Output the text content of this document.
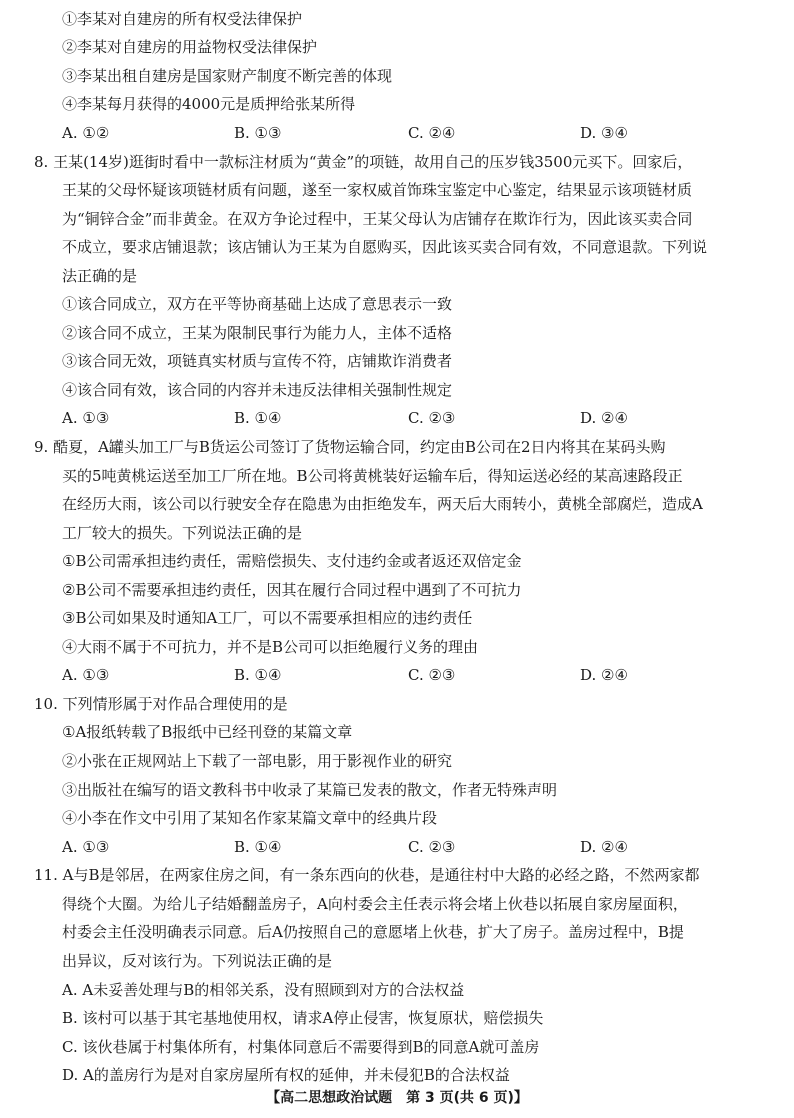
①李某对自建房的所有权受法律保护
②李某对自建房的用益物权受法律保护
③李某出租自建房是国家财产制度不断完善的体现
④李某每月获得的4000元是质押给张某所得
A. ①②	B. ①③	C. ②④	D. ③④
8. 王某(14岁)逛街时看中一款标注材质为“黄金”的项链，故用自己的压岁钱3500元买下。回家后，
王某的父母怀疑该项链材质有问题，遂至一家权威首饰珠宝鉴定中心鉴定，结果显示该项链材质
为“铜锌合金”而非黄金。在双方争论过程中，王某父母认为店铺存在欺诈行为，因此该买卖合同
不成立，要求店铺退款；该店铺认为王某为自愿购买，因此该买卖合同有效，不同意退款。下列说
法正确的是
①该合同成立，双方在平等协商基础上达成了意思表示一致
②该合同不成立，王某为限制民事行为能力人，主体不适格
③该合同无效，项链真实材质与宣传不符，店铺欺诈消费者
④该合同有效，该合同的内容并未违反法律相关强制性规定
A. ①③	B. ①④	C. ②③	D. ②④
9. 酷夏，A罐头加工厂与B货运公司签订了货物运输合同，约定由B公司在2日内将其在某码头购
买的5吨黄桃运送至加工厂所在地。B公司将黄桃装好运输车后，得知运送必经的某高速路段正
在经历大雨，该公司以行驶安全存在隐患为由拒绝发车，两天后大雨转小，黄桃全部腐烂，造成A
工厂较大的损失。下列说法正确的是
①B公司需承担违约责任，需赔偿损失、支付违约金或者返还双倍定金
②B公司不需要承担违约责任，因其在履行合同过程中遇到了不可抗力
③B公司如果及时通知A工厂，可以不需要承担相应的违约责任
④大雨不属于不可抗力，并不是B公司可以拒绝履行义务的理由
A. ①③	B. ①④	C. ②③	D. ②④
10. 下列情形属于对作品合理使用的是
①A报纸转载了B报纸中已经刊登的某篇文章
②小张在正规网站上下载了一部电影，用于影视作业的研究
③出版社在编写的语文教科书中收录了某篇已发表的散文，作者无特殊声明
④小李在作文中引用了某知名作家某篇文章中的经典片段
A. ①③	B. ①④	C. ②③	D. ②④
11. A与B是邻居，在两家住房之间，有一条东西向的伙巷，是通往村中大路的必经之路，不然两家都
得绕个大圈。为给儿子结婚翻盖房子，A向村委会主任表示将会堵上伙巷以拓展自家房屋面积，
村委会主任没明确表示同意。后A仍按照自己的意愿堵上伙巷，扩大了房子。盖房过程中，B提
出异议，反对该行为。下列说法正确的是
A. A未妥善处理与B的相邻关系，没有照顾到对方的合法权益
B. 该村可以基于其宅基地使用权，请求A停止侵害，恢复原状，赔偿损失
C. 该伙巷属于村集体所有，村集体同意后不需要得到B的同意A就可盖房
D. A的盖房行为是对自家房屋所有权的延伸，并未侵犯B的合法权益
【高二思想政治试题　第 3 页(共 6 页)】
